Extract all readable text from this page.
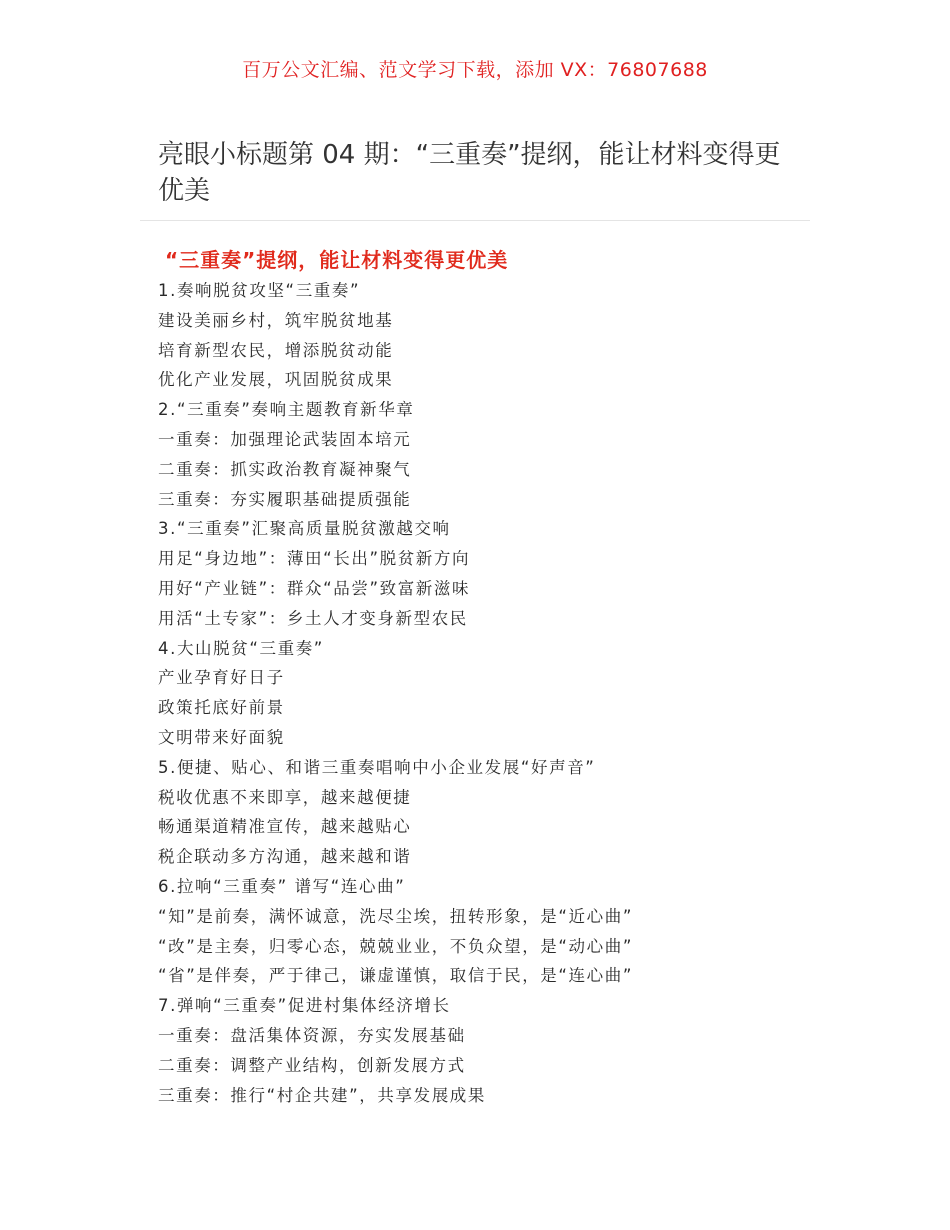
百万公文汇编、范文学习下载，添加 VX：76807688
亮眼小标题第 04 期：“三重奏”提纲，能让材料变得更优美
“三重奏”提纲，能让材料变得更优美
1.奏响脱贫攻坚“三重奏”
建设美丽乡村，筑牢脱贫地基
培育新型农民，增添脱贫动能
优化产业发展，巩固脱贫成果
2.“三重奏”奏响主题教育新华章
一重奏：加强理论武装固本培元
二重奏：抓实政治教育凝神聚气
三重奏：夯实履职基础提质强能
3.“三重奏”汇聚高质量脱贫激越交响
用足“身边地”：薄田“长出”脱贫新方向
用好“产业链”：群众“品尝”致富新滋味
用活“土专家”：乡土人才变身新型农民
4.大山脱贫“三重奏”
产业孕育好日子
政策托底好前景
文明带来好面貌
5.便捷、贴心、和谐三重奏唱响中小企业发展“好声音”
税收优惠不来即享，越来越便捷
畅通渠道精准宣传，越来越贴心
税企联动多方沟通，越来越和谐
6.拉响“三重奏” 谱写“连心曲”
“知”是前奏，满怀诚意，洗尽尘埃，扭转形象，是“近心曲”
“改”是主奏，归零心态，兢兢业业，不负众望，是“动心曲”
“省”是伴奏，严于律己，谦虚谨慎，取信于民，是“连心曲”
7.弹响“三重奏”促进村集体经济增长
一重奏：盘活集体资源，夯实发展基础
二重奏：调整产业结构，创新发展方式
三重奏：推行“村企共建”，共享发展成果
